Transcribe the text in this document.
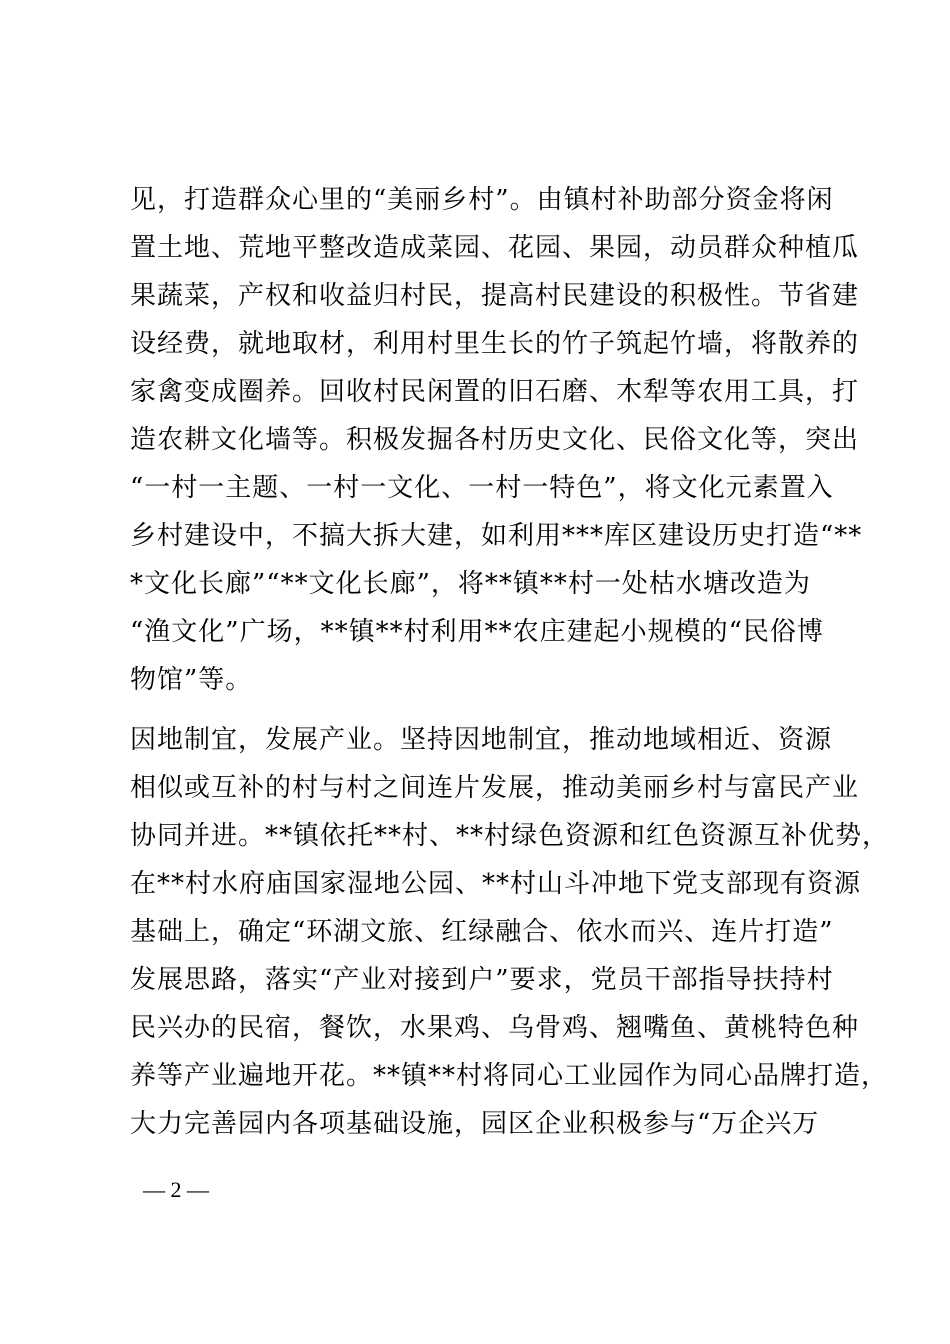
见，打造群众心里的“美丽乡村”。由镇村补助部分资金将闲
置土地、荒地平整改造成菜园、花园、果园，动员群众种植瓜
果蔬菜，产权和收益归村民，提高村民建设的积极性。节省建
设经费，就地取材，利用村里生长的竹子筑起竹墙，将散养的
家禽变成圈养。回收村民闲置的旧石磨、木犁等农用工具，打
造农耕文化墙等。积极发掘各村历史文化、民俗文化等，突出
“一村一主题、一村一文化、一村一特色”，将文化元素置入
乡村建设中，不搞大拆大建，如利用***库区建设历史打造“**
*文化长廊”“**文化长廊”，将**镇**村一处枯水塘改造为
“渔文化”广场，**镇**村利用**农庄建起小规模的“民俗博
物馆”等。
因地制宜，发展产业。坚持因地制宜，推动地域相近、资源
相似或互补的村与村之间连片发展，推动美丽乡村与富民产业
协同并进。**镇依托**村、**村绿色资源和红色资源互补优势，
在**村水府庙国家湿地公园、**村山斗冲地下党支部现有资源
基础上，确定“环湖文旅、红绿融合、依水而兴、连片打造”
发展思路，落实“产业对接到户”要求，党员干部指导扶持村
民兴办的民宿，餐饮，水果鸡、乌骨鸡、翘嘴鱼、黄桃特色种
养等产业遍地开花。**镇**村将同心工业园作为同心品牌打造，
大力完善园内各项基础设施，园区企业积极参与“万企兴万
— 2 —
